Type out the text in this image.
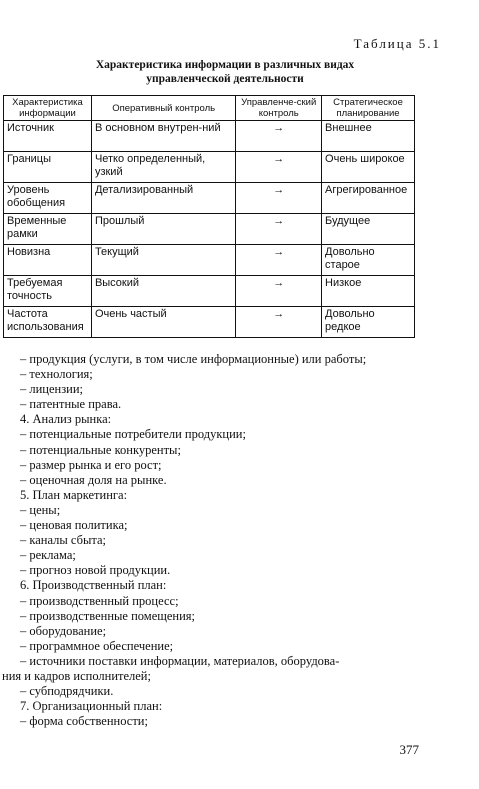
Таблица 5.1
Характеристика информации в различных видах управленческой деятельности
Характеристика информации	Оперативный контроль	Управленче-ский контроль	Стратегическое планирование
Источник	В основном внутрен-ний	→	Внешнее
Границы	Четко определенный, узкий	→	Очень широкое
Уровень обобщения	Детализированный	→	Агрегированное
Временные рамки	Прошлый	→	Будущее
Новизна	Текущий	→	Довольно старое
Требуемая точность	Высокий	→	Низкое
Частота использования	Очень частый	→	Довольно редкое
– продукция (услуги, в том числе информационные) или работы;
– технология;
– лицензии;
– патентные права.
4. Анализ рынка:
– потенциальные потребители продукции;
– потенциальные конкуренты;
– размер рынка и его рост;
– оценочная доля на рынке.
5. План маркетинга:
– цены;
– ценовая политика;
– каналы сбыта;
– реклама;
– прогноз новой продукции.
6. Производственный план:
– производственный процесс;
– производственные помещения;
– оборудование;
– программное обеспечение;
– источники поставки информации, материалов, оборудова-
ния и кадров исполнителей;
– субподрядчики.
7. Организационный план:
– форма собственности;
377
